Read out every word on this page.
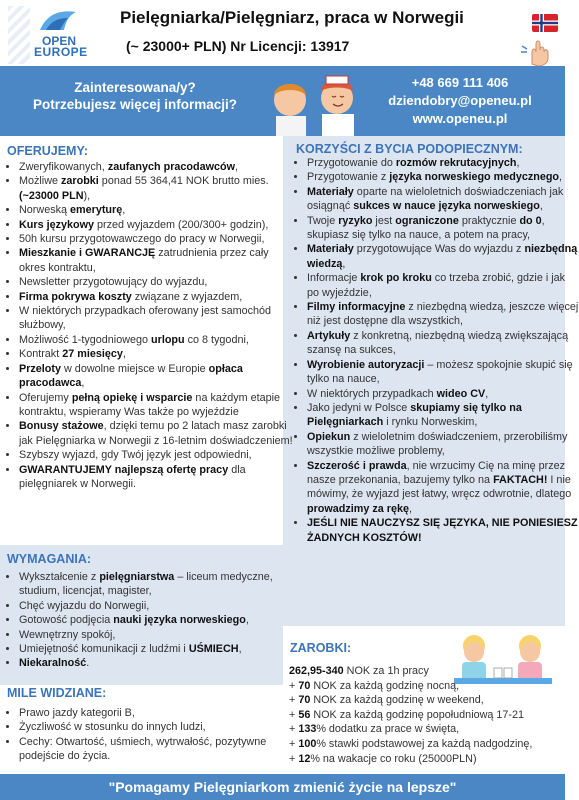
OPEN
EUROPE
Pielęgniarka/Pielęgniarz, praca w Norwegii
(~ 23000+ PLN) Nr Licencji: 13917
Zainteresowana/y?
Potrzebujesz więcej informacji?
+48 669 111 406
dziendobry@openeu.pl
www.openeu.pl
OFERUJEMY:
• Zweryfikowanych, zaufanych pracodawców,
• Możliwe zarobki ponad 55 364,41 NOK brutto mies. (~23000 PLN),
• Norweską emeryturę,
• Kurs językowy przed wyjazdem (200/300+ godzin),
• 50h kursu przygotowawczego do pracy w Norwegii,
• Mieszkanie i GWARANCJĘ zatrudnienia przez cały okres kontraktu,
• Newsletter przygotowujący do wyjazdu,
• Firma pokrywa koszty związane z wyjazdem,
• W niektórych przypadkach oferowany jest samochód służbowy,
• Możliwość 1-tygodniowego urlopu co 8 tygodni,
• Kontrakt 27 miesięcy,
• Przeloty w dowolne miejsce w Europie opłaca pracodawca,
• Oferujemy pełną opiekę i wsparcie na każdym etapie kontraktu, wspieramy Was także po wyjeździe
• Bonusy stażowe, dzięki temu po 2 latach masz zarobki jak Pielęgniarka w Norwegii z 16-letnim doświadczeniem!
• Szybszy wyjazd, gdy Twój język jest odpowiedni,
• GWARANTUJEMY najlepszą ofertę pracy dla pielęgniarek w Norwegii.
WYMAGANIA:
• Wykształcenie z pielęgniarstwa – liceum medyczne, studium, licencjat, magister,
• Chęć wyjazdu do Norwegii,
• Gotowość podjęcia nauki języka norweskiego,
• Wewnętrzny spokój,
• Umiejętność komunikacji z ludźmi i UŚMIECH,
• Niekaralność.
MILE WIDZIANE:
• Prawo jazdy kategorii B,
• Życzliwość w stosunku do innych ludzi,
• Cechy: Otwartość, uśmiech, wytrwałość, pozytywne podejście do życia.
KORZYŚCI Z BYCIA PODOPIECZNYM:
• Przygotowanie do rozmów rekrutacyjnych,
• Przygotowanie z języka norweskiego medycznego,
• Materiały oparte na wieloletnich doświadczeniach jak osiągnąć sukces w nauce języka norweskiego,
• Twoje ryzyko jest ograniczone praktycznie do 0, skupiasz się tylko na nauce, a potem na pracy,
• Materiały przygotowujące Was do wyjazdu z niezbędną wiedzą,
• Informacje krok po kroku co trzeba zrobić, gdzie i jak po wyjeździe,
• Filmy informacyjne z niezbędną wiedzą, jeszcze więcej niż jest dostępne dla wszystkich,
• Artykuły z konkretną, niezbędną wiedzą zwiększającą szansę na sukces,
• Wyrobienie autoryzacji – możesz spokojnie skupić się tylko na nauce,
• W niektórych przypadkach wideo CV,
• Jako jedyni w Polsce skupiamy się tylko na Pielęgniarkach i rynku Norweskim,
• Opiekun z wieloletnim doświadczeniem, przerobiliśmy wszystkie możliwe problemy,
• Szczerość i prawda, nie wrzucimy Cię na minę przez nasze przekonania, bazujemy tylko na FAKTACH! I nie mówimy, że wyjazd jest łatwy, wręcz odwrotnie, dlatego prowadzimy za rękę,
• JEŚLI NIE NAUCZYSZ SIĘ JĘZYKA, NIE PONIESIESZ ŻADNYCH KOSZTÓW!
ZAROBKI:
262,95-340 NOK za 1h pracy
+ 70 NOK za każdą godzinę nocną,
+ 70 NOK za każdą godzinę w weekend,
+ 56 NOK za każdą godzinę popołudniową 17-21
+ 133% dodatku za prace w święta,
+ 100% stawki podstawowej za każdą nadgodzinę,
+ 12% na wakacje co roku (25000PLN)
"Pomagamy Pielęgniarkom zmienić życie na lepsze"
